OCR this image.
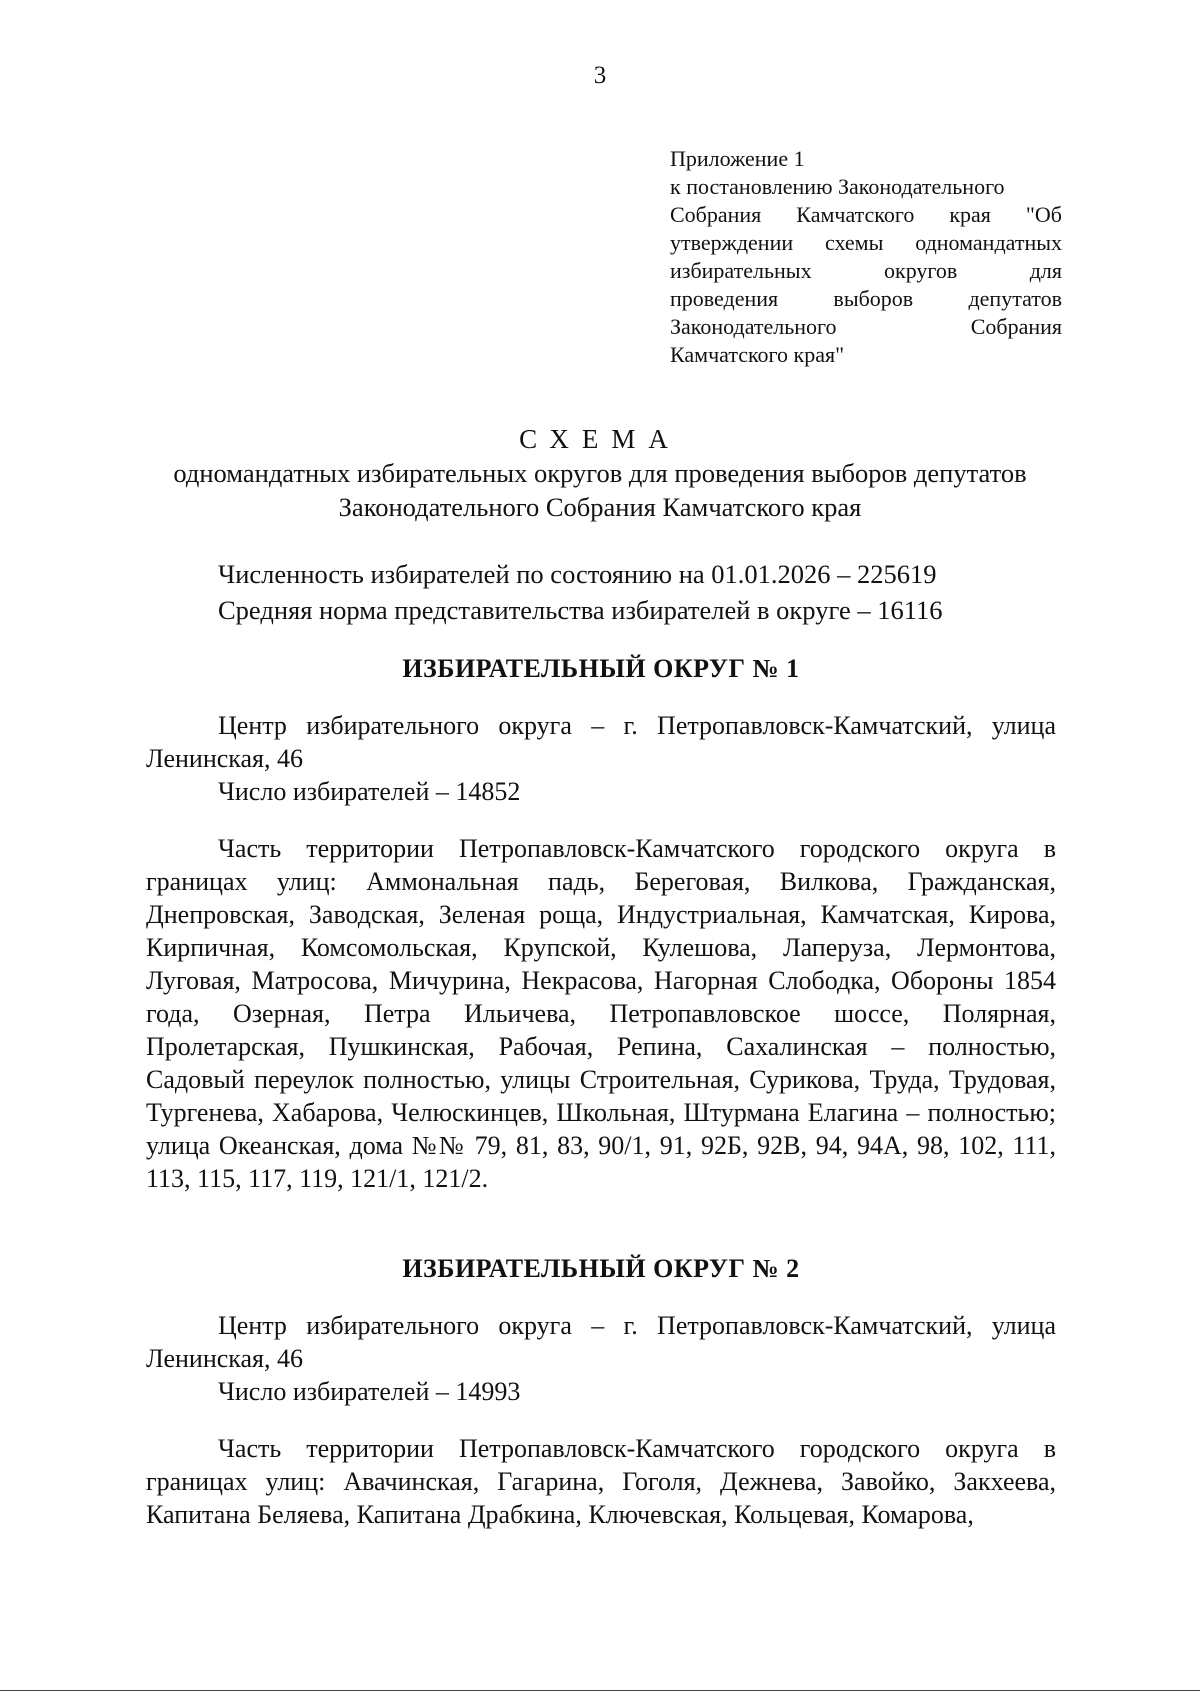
3
Приложение 1
к постановлению Законодательного
Собрания Камчатского края "Об
утверждении схемы одномандатных
избирательных округов для
проведения выборов депутатов
Законодательного Собрания
Камчатского края"
СХЕМА
одномандатных избирательных округов для проведения выборов депутатов
Законодательного Собрания Камчатского края
Численность избирателей по состоянию на 01.01.2026 – 225619
Средняя норма представительства избирателей в округе – 16116
ИЗБИРАТЕЛЬНЫЙ ОКРУГ № 1

Центр избирательного округа – г. Петропавловск-Камчатский, улица Ленинская, 46

Число избирателей – 14852

Часть территории Петропавловск-Камчатского городского округа в границах улиц: Аммональная падь, Береговая, Вилкова, Гражданская, Днепровская, Заводская, Зеленая роща, Индустриальная, Камчатская, Кирова, Кирпичная, Комсомольская, Крупской, Кулешова, Лаперуза, Лермонтова, Луговая, Матросова, Мичурина, Некрасова, Нагорная Слободка, Обороны 1854 года, Озерная, Петра Ильичева, Петропавловское шоссе, Полярная, Пролетарская, Пушкинская, Рабочая, Репина, Сахалинская – полностью, Садовый переулок полностью, улицы Строительная, Сурикова, Труда, Трудовая, Тургенева, Хабарова, Челюскинцев, Школьная, Штурмана Елагина – полностью; улица Океанская, дома №№ 79, 81, 83, 90/1, 91, 92Б, 92В, 94, 94А, 98, 102, 111, 113, 115, 117, 119, 121/1, 121/2.

ИЗБИРАТЕЛЬНЫЙ ОКРУГ № 2

Центр избирательного округа – г. Петропавловск-Камчатский, улица Ленинская, 46

Число избирателей – 14993

Часть территории Петропавловск-Камчатского городского округа в границах улиц: Авачинская, Гагарина, Гоголя, Дежнева, Завойко, Закхеева, Капитана Беляева, Капитана Драбкина, Ключевская, Кольцевая, Комарова,
